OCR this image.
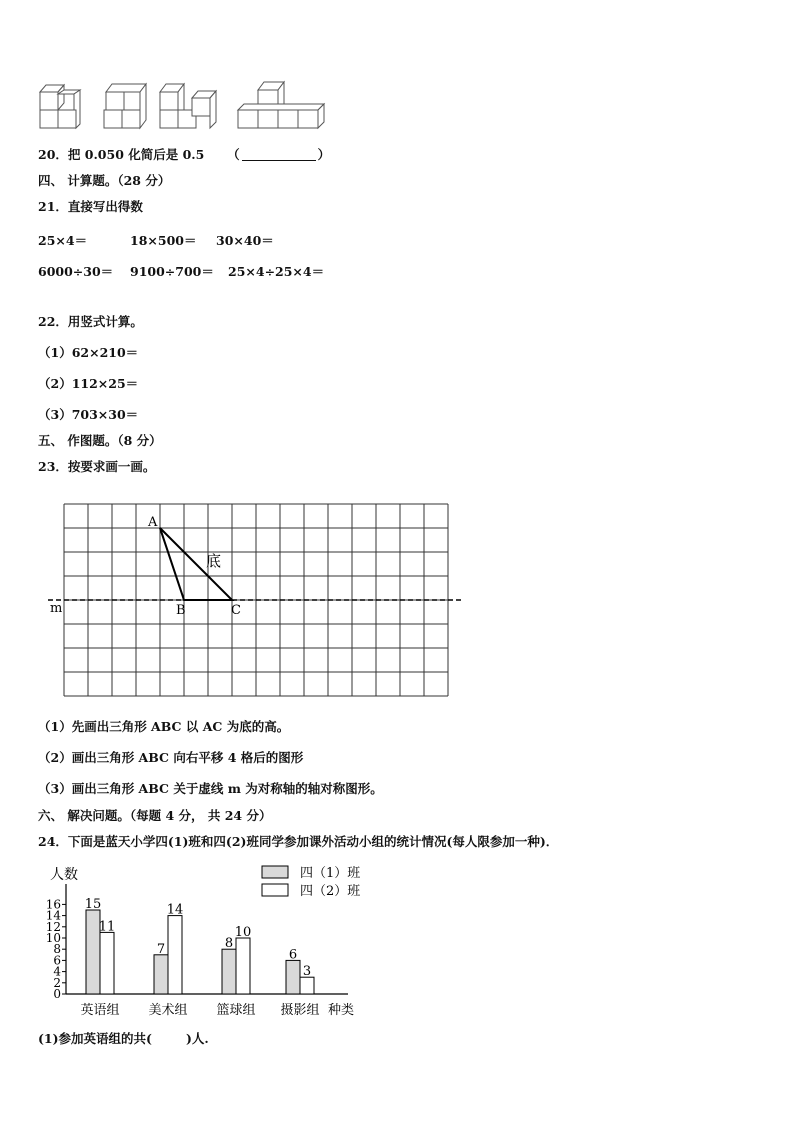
20．把 0.050 化简后是 0.5 （	）
四、 计算题。（28 分）
21．直接写出得数
25×4＝	18×500＝ 30×40＝
6000÷30＝ 9100÷700＝ 25×4÷25×4＝
22．用竖式计算。
（1）62×210＝
（2）112×25＝
（3）703×30＝
五、 作图题。（8 分）
23．按要求画一画。
A
B	C
底
m
（1）先画出三角形 ABC 以 AC 为底的高。
（2）画出三角形 ABC 向右平移 4 格后的图形
（3）画出三角形 ABC 关于虚线 m 为对称轴的轴对称图形。
六、 解决问题。（每题 4 分， 共 24 分）
24．下面是蓝天小学四(1)班和四(2)班同学参加课外活动小组的统计情况(每人限参加一种)．
人数
种类
0
2
4
6
8
10
12
14
16 15
11
英语组
7
14
美术组
8
10
篮球组
6
3
摄影组
四（1）班
四（2）班
(1)参加英语组的共(	)人.
